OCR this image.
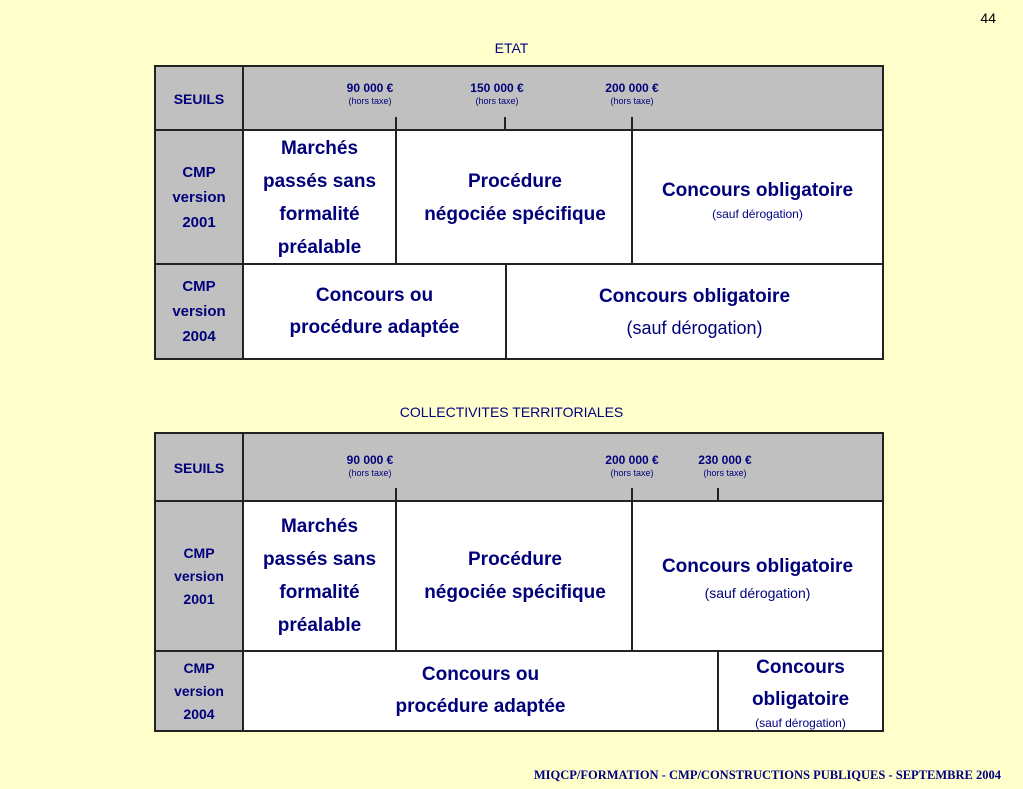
44
ETAT
SEUILS
90 000 €
(hors taxe)
150 000 €
(hors taxe)
200 000 €
(hors taxe)
CMP
version
2001
Marchés
passés sans
formalité
préalable
Procédure
négociée spécifique
Concours obligatoire
(sauf dérogation)
CMP
version
2004
Concours ou
procédure adaptée
Concours obligatoire
(sauf dérogation)
COLLECTIVITES TERRITORIALES
SEUILS	90 000 €
(hors taxe)
200 000 €
(hors taxe)
230 000 €
(hors taxe)
CMP
version
2001
Marchés
passés sans
formalité
préalable
Procédure
négociée spécifique
Concours obligatoire
(sauf dérogation)
CMP
version
2004
Concours ou
procédure adaptée
Concours
obligatoire
(sauf dérogation)
MIQCP/FORMATION - CMP/CONSTRUCTIONS PUBLIQUES - SEPTEMBRE 2004
